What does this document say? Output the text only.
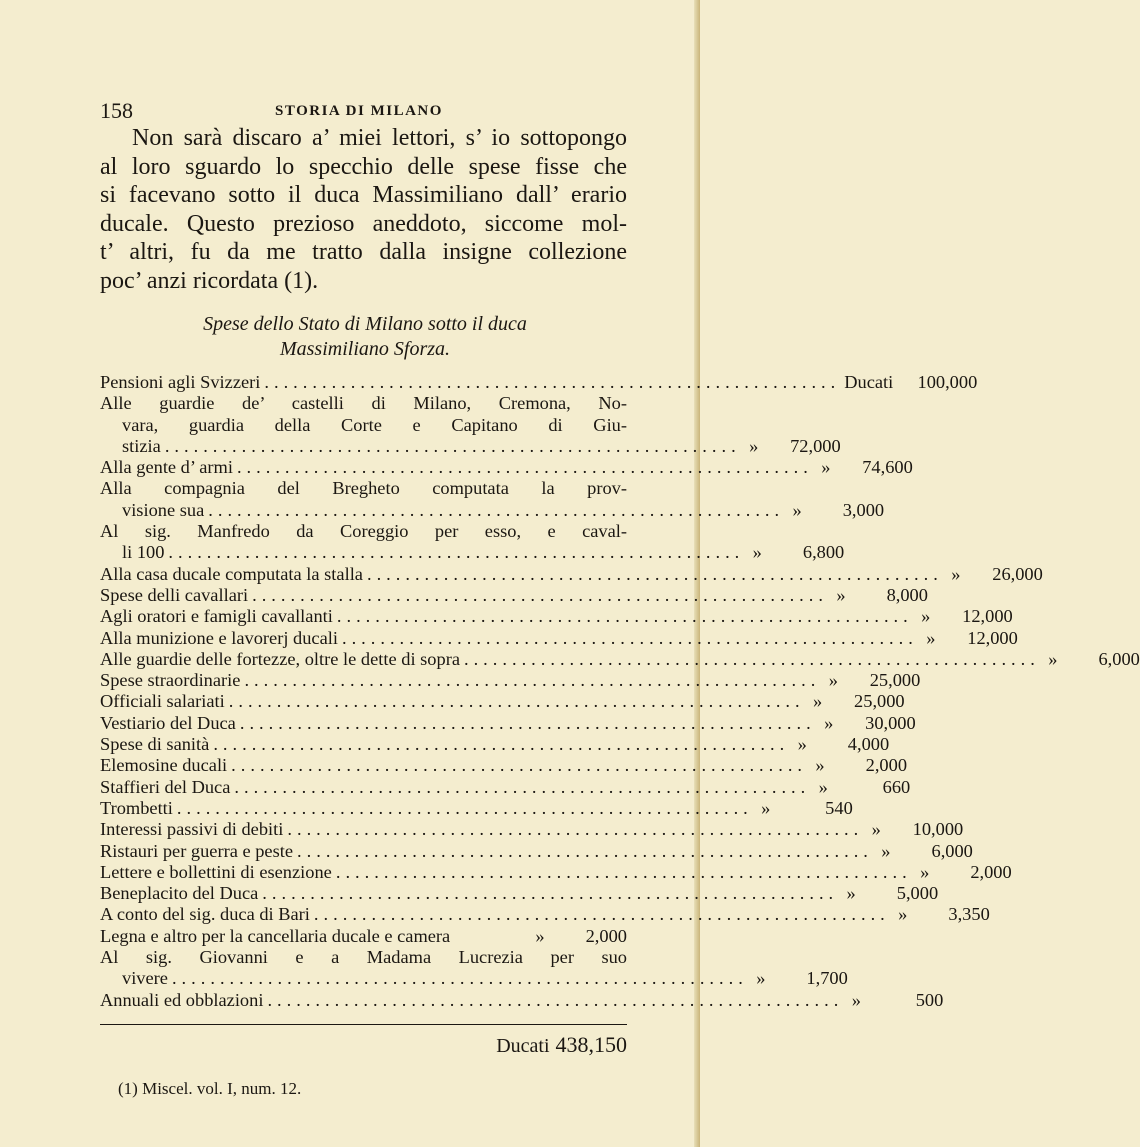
158	STORIA DI MILANO
Non sarà discaro a’ miei lettori, s’ io sottopongo
al loro sguardo lo specchio delle spese fisse che
si facevano sotto il duca Massimiliano dall’ erario
ducale. Questo prezioso aneddoto, siccome mol-
t’ altri, fu da me tratto dalla insigne collezione
poc’ anzi ricordata (1).
Spese dello Stato di Milano sotto il duca
Massimiliano Sforza.
Pensioni agli Svizzeri ............................................................ Ducati	100,000
Alle guardie de’ castelli di Milano, Cremona, No-
vara, guardia della Corte e Capitano di Giu-
stizia ............................................................ »	72,000
Alla gente d’ armi ............................................................ »	74,600
Alla compagnia del Bregheto computata la prov-
visione sua ............................................................ »	3,000
Al sig. Manfredo da Coreggio per esso, e caval-
li 100 ............................................................ »	6,800
Alla casa ducale computata la stalla ............................................................ »	26,000
Spese delli cavallari ............................................................ »	8,000
Agli oratori e famigli cavallanti ............................................................ »	12,000
Alla munizione e lavorerj ducali ............................................................ »	12,000
Alle guardie delle fortezze, oltre le dette di sopra ............................................................ »	6,000
Spese straordinarie ............................................................ »	25,000
Officiali salariati ............................................................ »	25,000
Vestiario del Duca ............................................................ »	30,000
Spese di sanità ............................................................ »	4,000
Elemosine ducali ............................................................ »	2,000
Staffieri del Duca ............................................................ »	660
Trombetti ............................................................ »	540
Interessi passivi di debiti ............................................................ »	10,000
Ristauri per guerra e peste ............................................................ »	6,000
Lettere e bollettini di esenzione ............................................................ »	2,000
Beneplacito del Duca ............................................................ »	5,000
A conto del sig. duca di Bari ............................................................ »	3,350
Legna e altro per la cancellaria ducale e camera	»	2,000
Al sig. Giovanni e a Madama Lucrezia per suo
vivere ............................................................ »	1,700
Annuali ed obblazioni ............................................................ »	500
Ducati 438,150
(1) Miscel. vol. I, num. 12.
